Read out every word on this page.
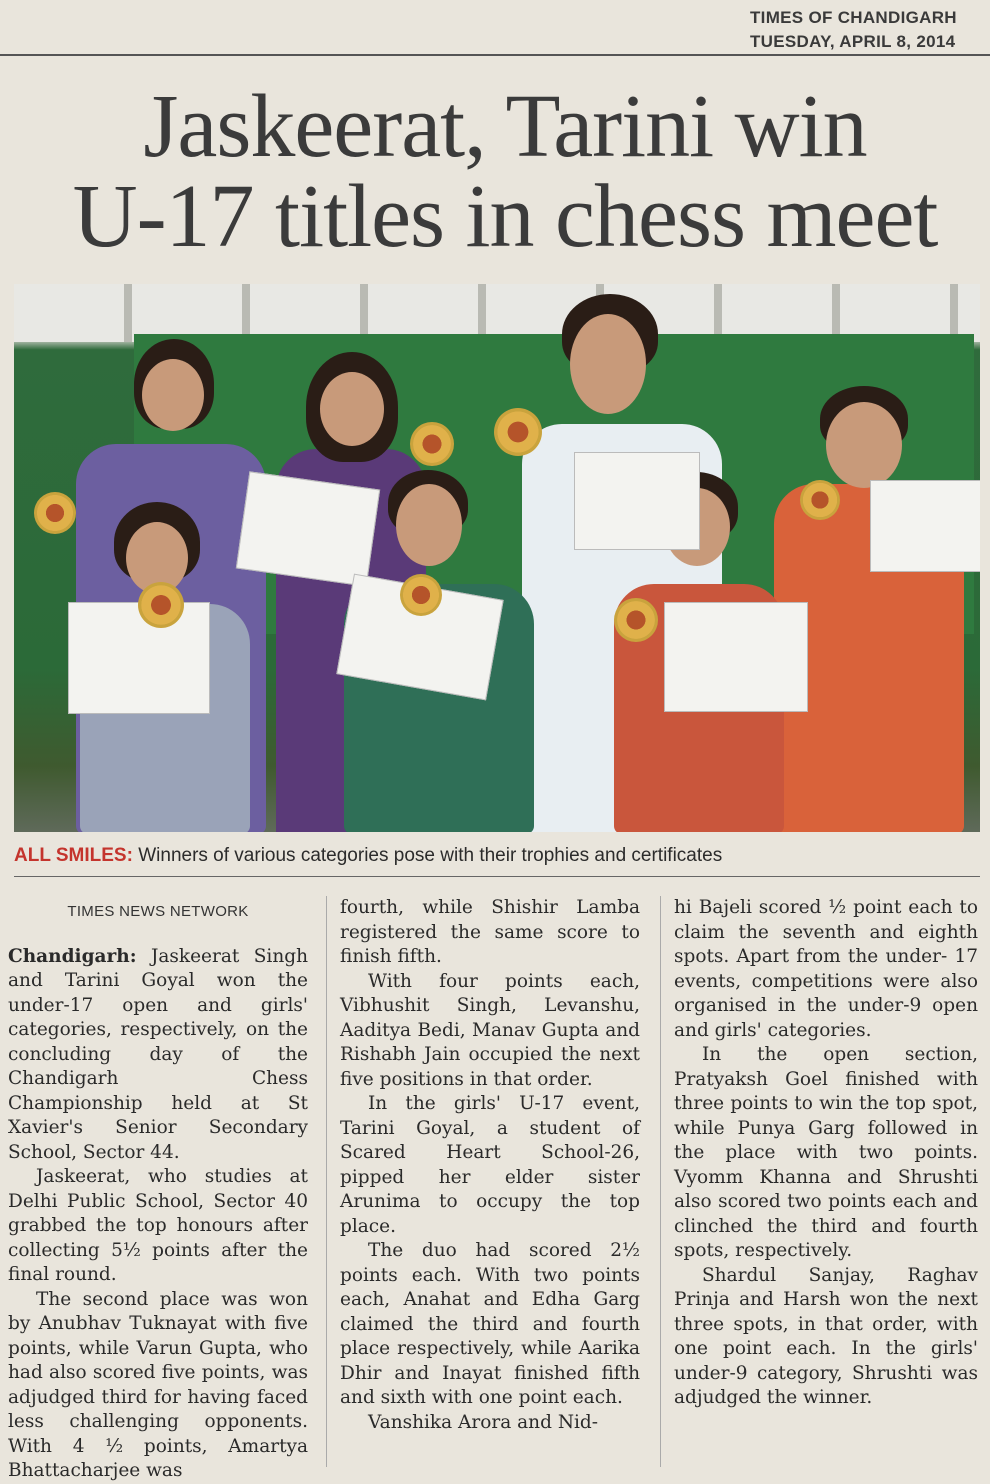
TIMES OF CHANDIGARH
TUESDAY, APRIL 8, 2014
Jaskeerat, Tarini win
U-17 titles in chess meet
ALL SMILES: Winners of various categories pose with their trophies and certificates
TIMES NEWS NETWORK

Chandigarh: Jaskeerat Singh and Tarini Goyal won the under-17 open and girls' categories, respectively, on the concluding day of the Chandigarh Chess Championship held at St Xavier's Senior Secondary School, Sector 44.

Jaskeerat, who studies at Delhi Public School, Sector 40 grabbed the top honours after collecting 5½ points after the final round.

The second place was won by Anubhav Tuknayat with five points, while Varun Gupta, who had also scored five points, was adjudged third for having faced less challenging opponents. With 4 ½ points, Amartya Bhattacharjee was

fourth, while Shishir Lamba registered the same score to finish fifth.

With four points each, Vibhushit Singh, Levanshu, Aaditya Bedi, Manav Gupta and Rishabh Jain occupied the next five positions in that order.

In the girls' U-17 event, Tarini Goyal, a student of Scared Heart School-26, pipped her elder sister Arunima to occupy the top place.

The duo had scored 2½ points each. With two points each, Anahat and Edha Garg claimed the third and fourth place respectively, while Aarika Dhir and Inayat finished fifth and sixth with one point each.

Vanshika Arora and Nid-

hi Bajeli scored ½ point each to claim the seventh and eighth spots. Apart from the under- 17 events, competitions were also organised in the under-9 open and girls' categories.

In the open section, Pratyaksh Goel finished with three points to win the top spot, while Punya Garg followed in the place with two points. Vyomm Khanna and Shrushti also scored two points each and clinched the third and fourth spots, respectively.

Shardul Sanjay, Raghav Prinja and Harsh won the next three spots, in that order, with one point each. In the girls' under-9 category, Shrushti was adjudged the winner.
